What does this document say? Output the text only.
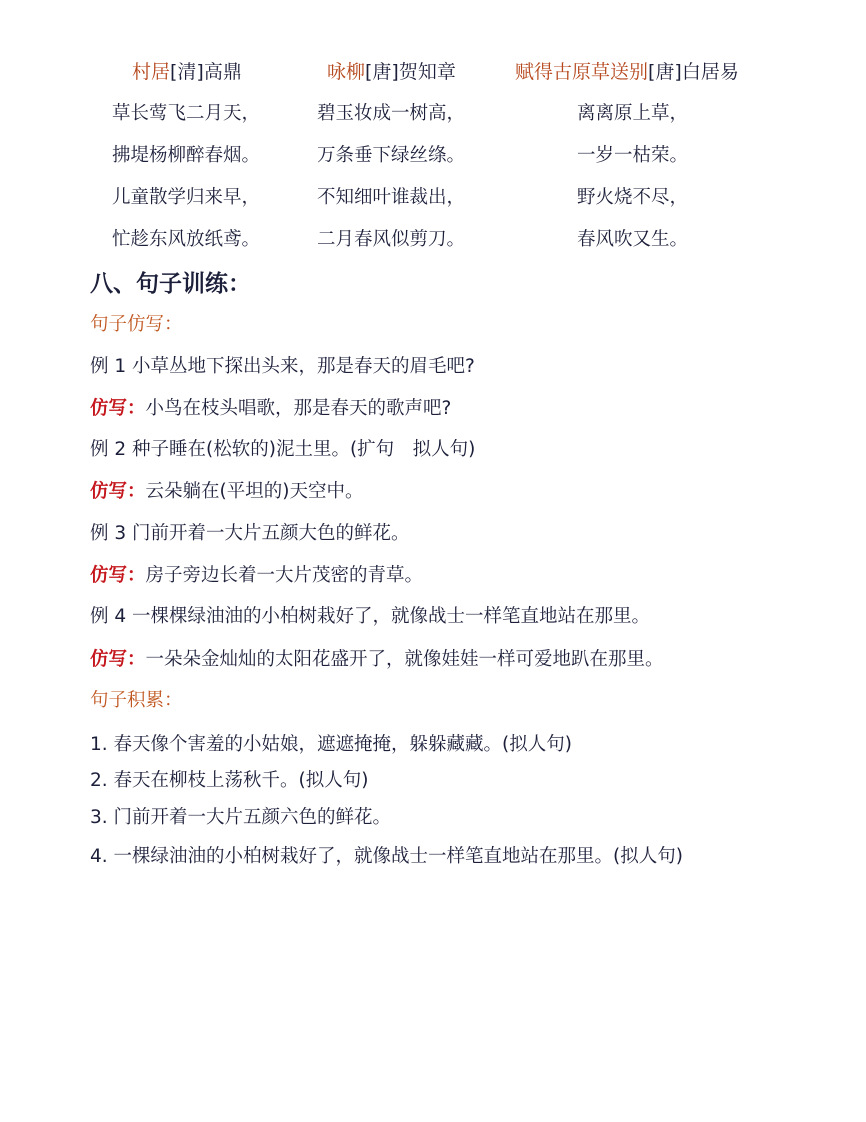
村居[清]高鼎
草长莺飞二月天，
拂堤杨柳醉春烟。
儿童散学归来早，
忙趁东风放纸鸢。
咏柳[唐]贺知章
碧玉妆成一树高，
万条垂下绿丝绦。
不知细叶谁裁出，
二月春风似剪刀。
赋得古原草送别[唐]白居易
离离原上草，
一岁一枯荣。
野火烧不尽，
春风吹又生。
八、句子训练：
句子仿写：
例 1 小草丛地下探出头来，那是春天的眉毛吧?
仿写：小鸟在枝头唱歌，那是春天的歌声吧?
例 2 种子睡在(松软的)泥土里。(扩句　拟人句)
仿写：云朵躺在(平坦的)天空中。
例 3 门前开着一大片五颜大色的鲜花。
仿写：房子旁边长着一大片茂密的青草。
例 4 一棵棵绿油油的小柏树栽好了，就像战士一样笔直地站在那里。
仿写：一朵朵金灿灿的太阳花盛开了，就像娃娃一样可爱地趴在那里。
句子积累：
1. 春天像个害羞的小姑娘，遮遮掩掩，躲躲藏藏。(拟人句)
2. 春天在柳枝上荡秋千。(拟人句)
3. 门前开着一大片五颜六色的鲜花。
4. 一棵绿油油的小柏树栽好了，就像战士一样笔直地站在那里。(拟人句)
